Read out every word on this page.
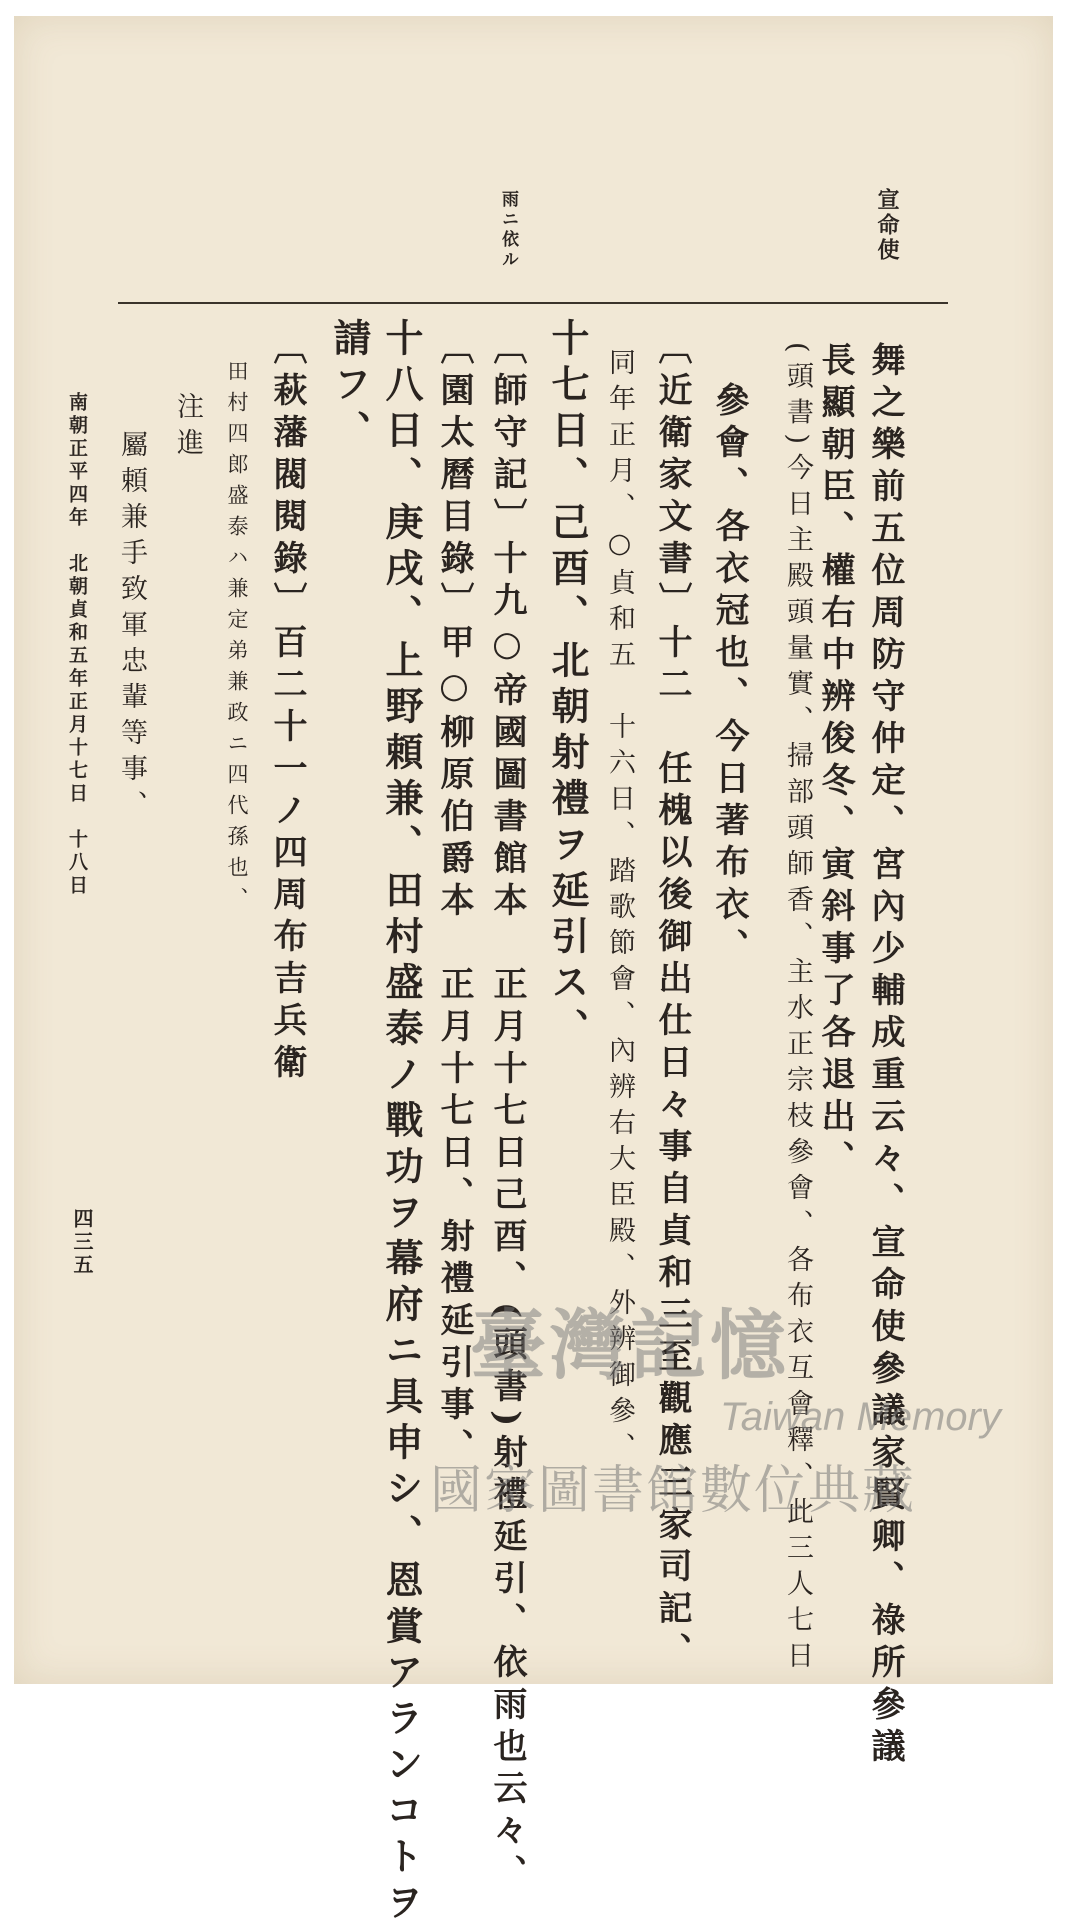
宣命使
雨ニ依ル
舞之樂前五位周防守仲定、宮內少輔成重云々、宣命使參議家賢卿、祿所參議
長顯朝臣、權右中辨俊冬、寅斜事了各退出、
(頭書)今日主殿頭量實、掃部頭師香、主水正宗枝參會、各布衣互會釋、此三人七日
參會、各衣冠也、今日著布衣、
〔近衛家文書〕十二　任槐以後御出仕日々事自貞和三至觀應三家司記、
同年正月、○貞和五　十六日、踏歌節會、內辨右大臣殿、外辨御參、
十七日、己酉、北朝射禮ヲ延引ス、
〔師守記〕十九○帝國圖書館本　正月十七日己酉、(頭書)射禮延引、依雨也云々、
〔園太曆目錄〕甲○柳原伯爵本　正月十七日、射禮延引事、
十八日、庚戌、上野頼兼、田村盛泰ノ戰功ヲ幕府ニ具申シ、恩賞アランコトヲ
請フ、
〔萩藩閥閱錄〕百二十一ノ四周布吉兵衛
田村四郎盛泰ハ兼定弟兼政ニ四代孫也、
注進
屬頼兼手致軍忠輩等事、
南朝正平四年　北朝貞和五年正月十七日　十八日
四三五
臺灣記憶
Taiwan Memory
國家圖書館數位典藏
